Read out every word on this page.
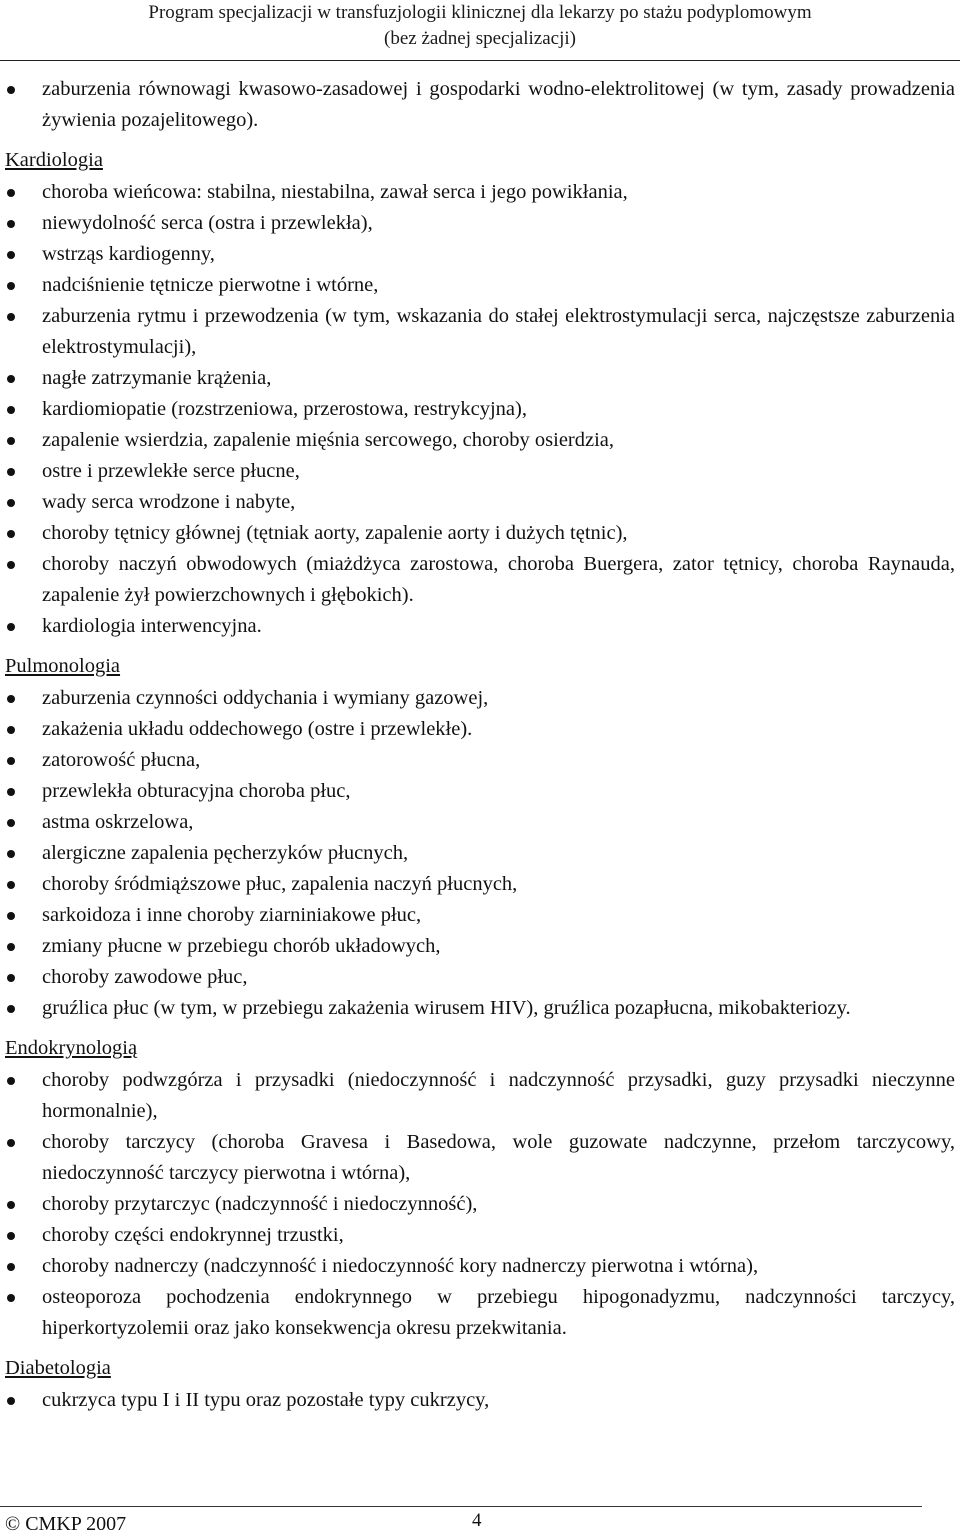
Program specjalizacji w transfuzjologii klinicznej dla lekarzy po stażu podyplomowym
(bez żadnej specjalizacji)
zaburzenia równowagi kwasowo-zasadowej i gospodarki wodno-elektrolitowej (w tym, zasady prowadzenia żywienia pozajelitowego).
Kardiologia
choroba wieńcowa: stabilna, niestabilna, zawał serca i jego powikłania,
niewydolność serca (ostra i przewlekła),
wstrząs kardiogenny,
nadciśnienie tętnicze pierwotne i wtórne,
zaburzenia rytmu i przewodzenia (w tym, wskazania do stałej elektrostymulacji serca, najczęstsze zaburzenia elektrostymulacji),
nagłe zatrzymanie krążenia,
kardiomiopatie (rozstrzeniowa, przerostowa, restrykcyjna),
zapalenie wsierdzia, zapalenie mięśnia sercowego, choroby osierdzia,
ostre i przewlekłe serce płucne,
wady serca wrodzone i nabyte,
choroby tętnicy głównej (tętniak aorty, zapalenie aorty i dużych tętnic),
choroby naczyń obwodowych (miażdżyca zarostowa, choroba Buergera, zator tętnicy, choroba Raynauda, zapalenie żył powierzchownych i głębokich).
kardiologia interwencyjna.
Pulmonologia
zaburzenia czynności oddychania i wymiany gazowej,
zakażenia układu oddechowego (ostre i przewlekłe).
zatorowość płucna,
przewlekła obturacyjna choroba płuc,
astma oskrzelowa,
alergiczne zapalenia pęcherzyków płucnych,
choroby śródmiąższowe płuc, zapalenia naczyń płucnych,
sarkoidoza i inne choroby ziarniniakowe płuc,
zmiany płucne w przebiegu chorób układowych,
choroby zawodowe płuc,
gruźlica płuc (w tym, w przebiegu zakażenia wirusem HIV), gruźlica pozapłucna, mikobakteriozy.
Endokrynologią
choroby podwzgórza i przysadki (niedoczynność i nadczynność przysadki, guzy przysadki nieczynne hormonalnie),
choroby tarczycy (choroba Gravesa i Basedowa, wole guzowate nadczynne, przełom tarczycowy, niedoczynność tarczycy pierwotna i wtórna),
choroby przytarczyc (nadczynność i niedoczynność),
choroby części endokrynnej trzustki,
choroby nadnerczy (nadczynność i niedoczynność kory nadnerczy pierwotna i wtórna),
osteoporoza pochodzenia endokrynnego w przebiegu hipogonadyzmu, nadczynności tarczycy, hiperkortyzolemii oraz jako konsekwencja okresu przekwitania.
Diabetologia
cukrzyca typu I i II typu oraz pozostałe typy cukrzycy,
© CMKP 2007	4
